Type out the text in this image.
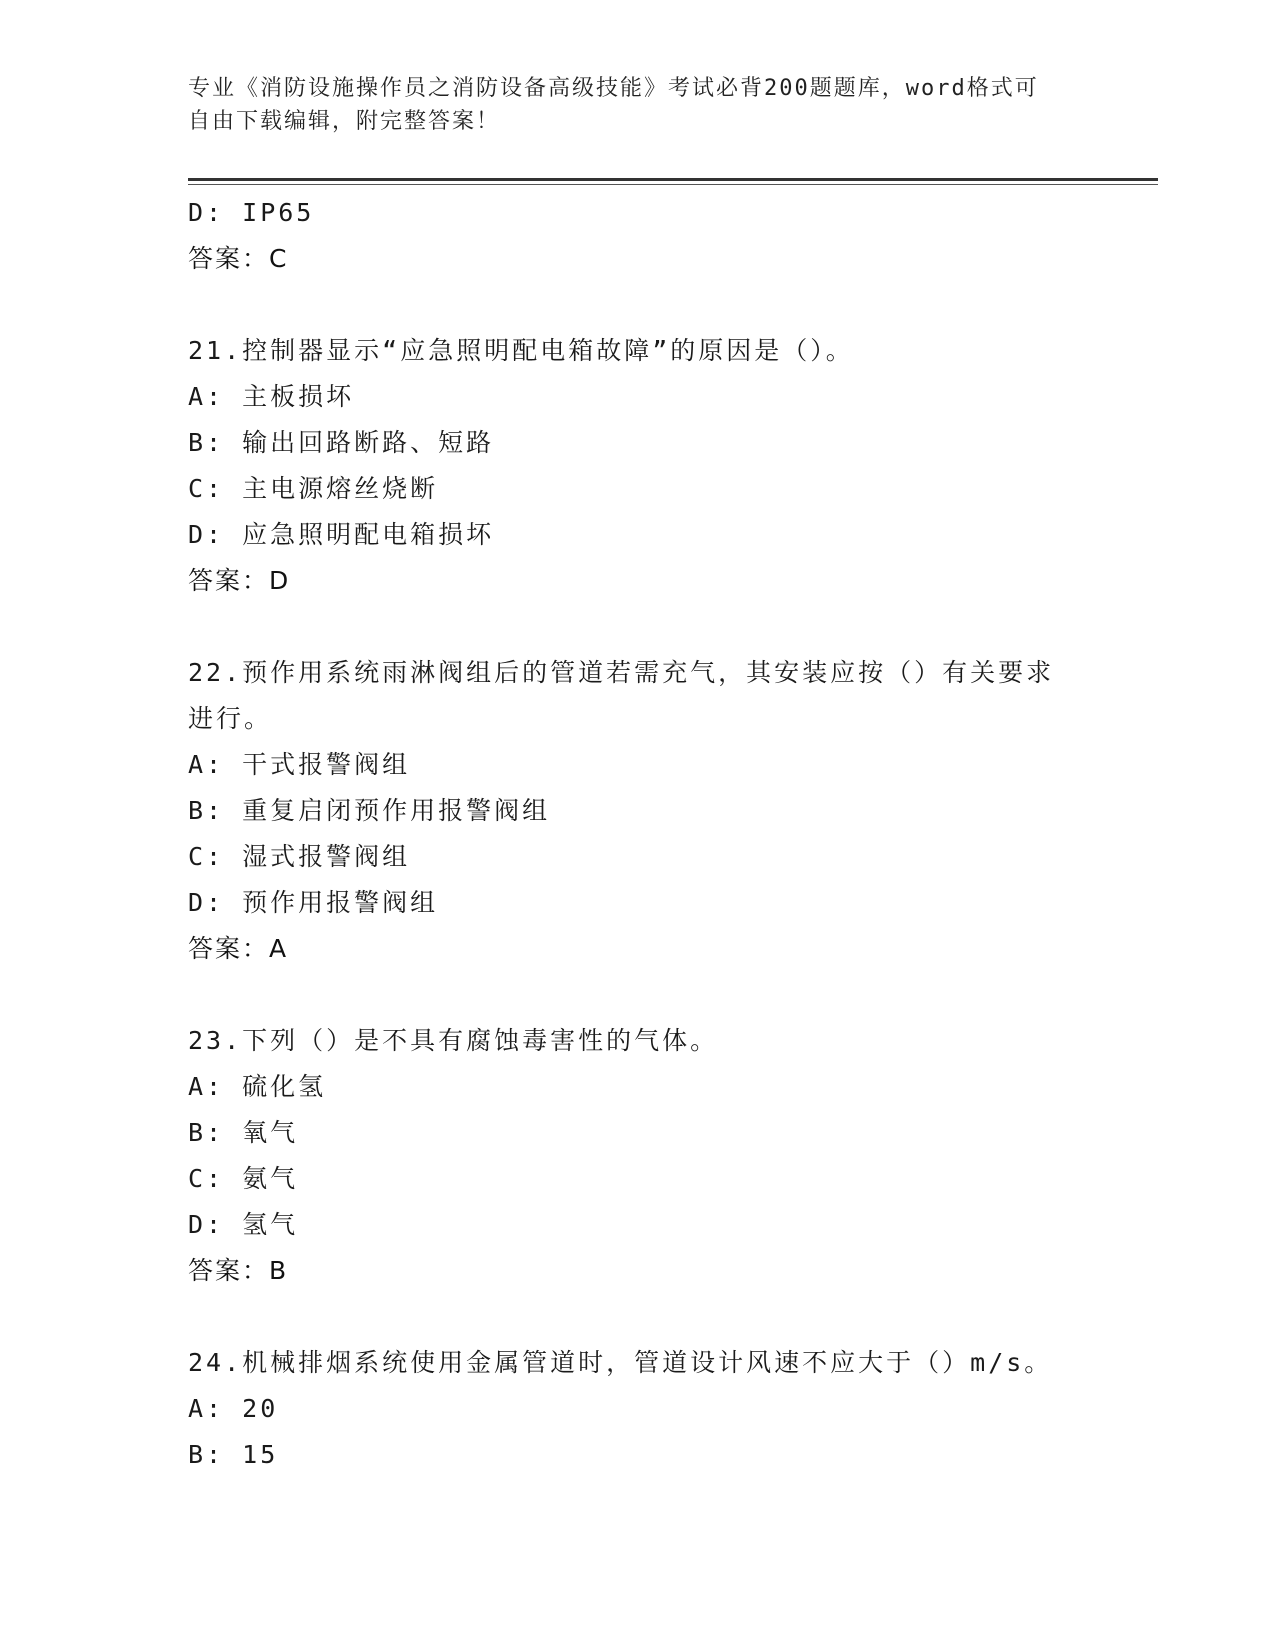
专业《消防设施操作员之消防设备高级技能》考试必背200题题库，word格式可
自由下载编辑，附完整答案！
D: IP65
答案：C
21.控制器显示“应急照明配电箱故障”的原因是（）。
A: 主板损坏
B: 输出回路断路、短路
C: 主电源熔丝烧断
D: 应急照明配电箱损坏
答案：D
22.预作用系统雨淋阀组后的管道若需充气，其安装应按（）有关要求
进行。
A: 干式报警阀组
B: 重复启闭预作用报警阀组
C: 湿式报警阀组
D: 预作用报警阀组
答案：A
23.下列（）是不具有腐蚀毒害性的气体。
A: 硫化氢
B: 氧气
C: 氨气
D: 氢气
答案：B
24.机械排烟系统使用金属管道时，管道设计风速不应大于（）m/s。
A: 20
B: 15
